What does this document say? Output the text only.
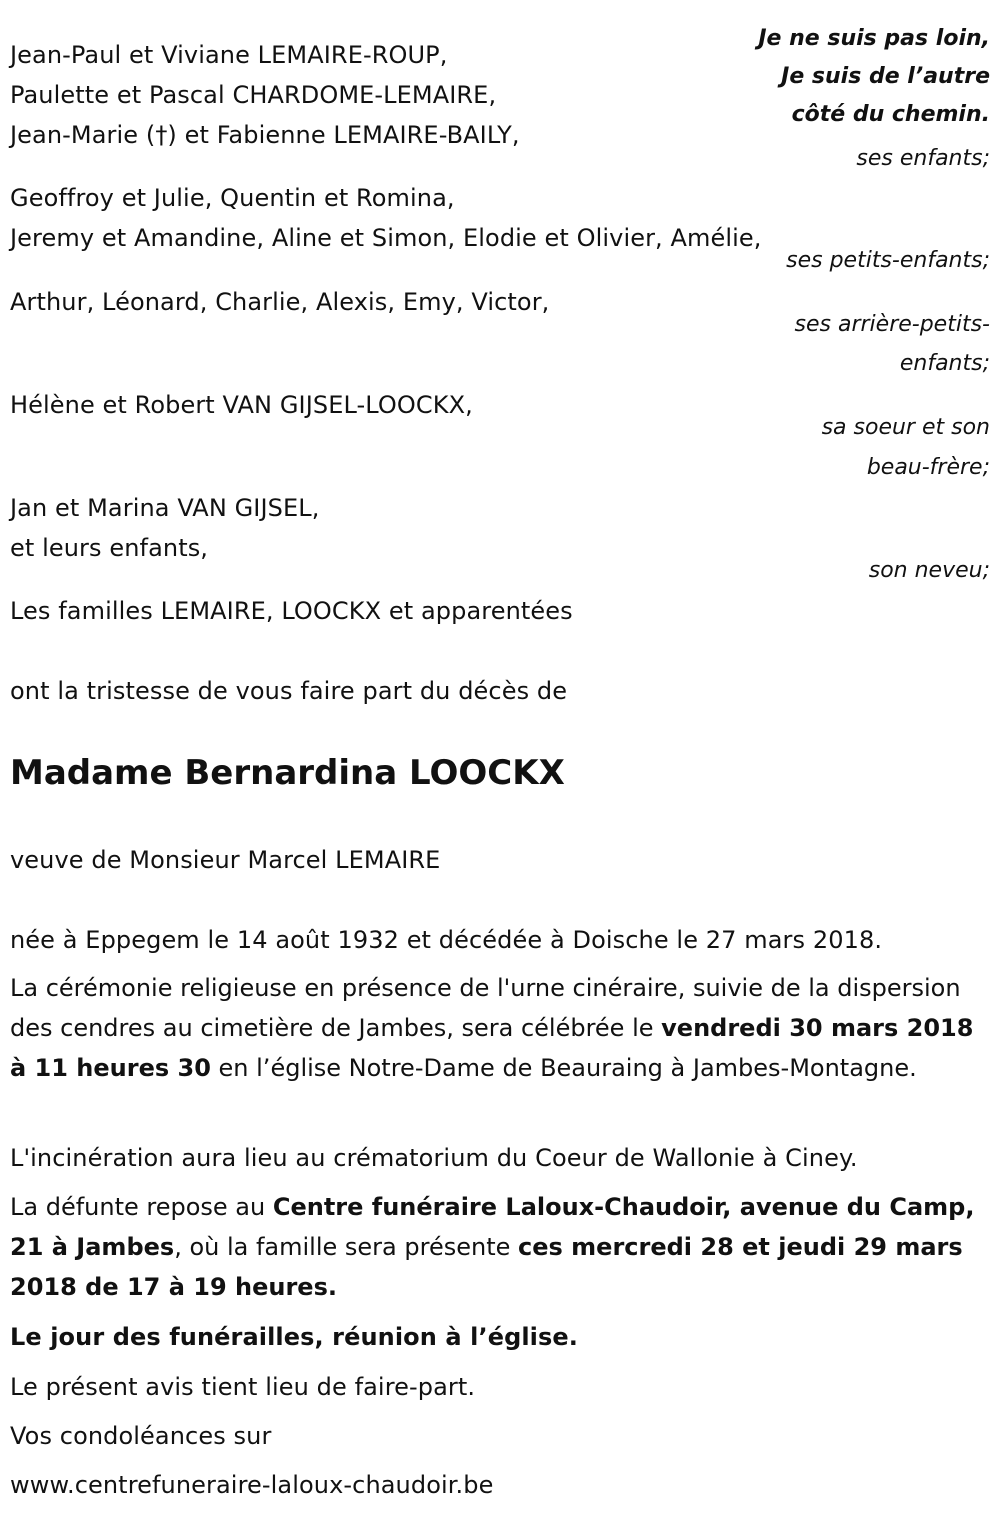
Je ne suis pas loin,
Je suis de l’autre
côté du chemin.
Jean-Paul et Viviane LEMAIRE-ROUP,
Paulette et Pascal CHARDOME-LEMAIRE,
Jean-Marie (†) et Fabienne LEMAIRE-BAILY,
ses enfants;
Geoffroy et Julie, Quentin et Romina,
Jeremy et Amandine, Aline et Simon, Elodie et Olivier, Amélie,
ses petits-enfants;
Arthur, Léonard, Charlie, Alexis, Emy, Victor,
ses arrière-petits-
enfants;
Hélène et Robert VAN GIJSEL-LOOCKX,
sa soeur et son
beau-frère;
Jan et Marina VAN GIJSEL,
et leurs enfants,
son neveu;
Les familles LEMAIRE, LOOCKX et apparentées
ont la tristesse de vous faire part du décès de
Madame Bernardina LOOCKX
veuve de Monsieur Marcel LEMAIRE
née à Eppegem le 14 août 1932 et décédée à Doische le 27 mars 2018.
La cérémonie religieuse en présence de l'urne cinéraire, suivie de la dispersion des cendres au cimetière de Jambes, sera célébrée le vendredi 30 mars 2018 à 11 heures 30 en l’église Notre-Dame de Beauraing à Jambes-Montagne.
L'incinération aura lieu au crématorium du Coeur de Wallonie à Ciney.
La défunte repose au Centre funéraire Laloux-Chaudoir, avenue du Camp, 21 à Jambes, où la famille sera présente ces mercredi 28 et jeudi 29 mars 2018 de 17 à 19 heures.
Le jour des funérailles, réunion à l’église.
Le présent avis tient lieu de faire-part.
Vos condoléances sur
www.centrefuneraire-laloux-chaudoir.be
